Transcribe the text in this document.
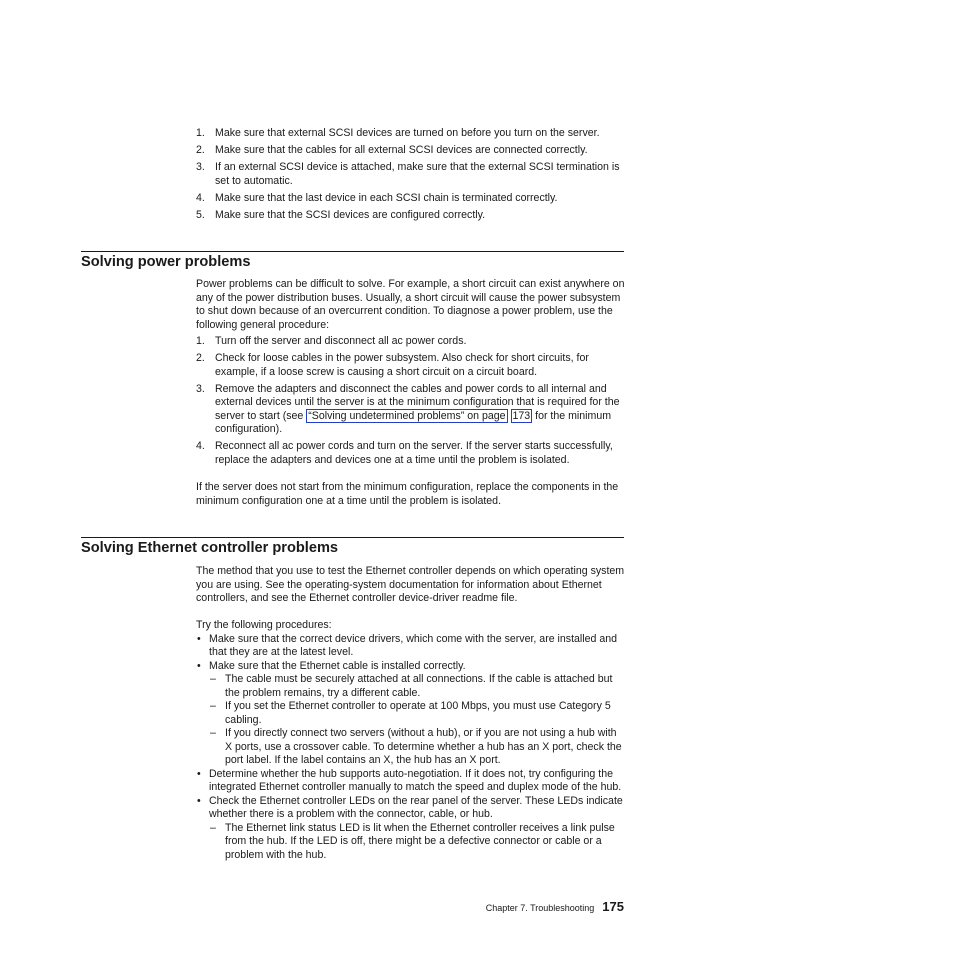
1. Make sure that external SCSI devices are turned on before you turn on the server.
2. Make sure that the cables for all external SCSI devices are connected correctly.
3. If an external SCSI device is attached, make sure that the external SCSI termination is set to automatic.
4. Make sure that the last device in each SCSI chain is terminated correctly.
5. Make sure that the SCSI devices are configured correctly.
Solving power problems

Power problems can be difficult to solve. For example, a short circuit can exist anywhere on any of the power distribution buses. Usually, a short circuit will cause the power subsystem to shut down because of an overcurrent condition. To diagnose a power problem, use the following general procedure:

1. Turn off the server and disconnect all ac power cords.
2. Check for loose cables in the power subsystem. Also check for short circuits, for example, if a loose screw is causing a short circuit on a circuit board.
3. Remove the adapters and disconnect the cables and power cords to all internal and external devices until the server is at the minimum configuration that is required for the server to start (see “Solving undetermined problems” on page 173 for the minimum configuration).
4. Reconnect all ac power cords and turn on the server. If the server starts successfully, replace the adapters and devices one at a time until the problem is isolated.

If the server does not start from the minimum configuration, replace the components in the minimum configuration one at a time until the problem is isolated.

Solving Ethernet controller problems

The method that you use to test the Ethernet controller depends on which operating system you are using. See the operating-system documentation for information about Ethernet controllers, and see the Ethernet controller device-driver readme file.

Try the following procedures:

• Make sure that the correct device drivers, which come with the server, are installed and that they are at the latest level.
• Make sure that the Ethernet cable is installed correctly.
– The cable must be securely attached at all connections. If the cable is attached but the problem remains, try a different cable.
– If you set the Ethernet controller to operate at 100 Mbps, you must use Category 5 cabling.
– If you directly connect two servers (without a hub), or if you are not using a hub with X ports, use a crossover cable. To determine whether a hub has an X port, check the port label. If the label contains an X, the hub has an X port.
• Determine whether the hub supports auto-negotiation. If it does not, try configuring the integrated Ethernet controller manually to match the speed and duplex mode of the hub.
• Check the Ethernet controller LEDs on the rear panel of the server. These LEDs indicate whether there is a problem with the connector, cable, or hub.
– The Ethernet link status LED is lit when the Ethernet controller receives a link pulse from the hub. If the LED is off, there might be a defective connector or cable or a problem with the hub.
Chapter 7. Troubleshooting 175
